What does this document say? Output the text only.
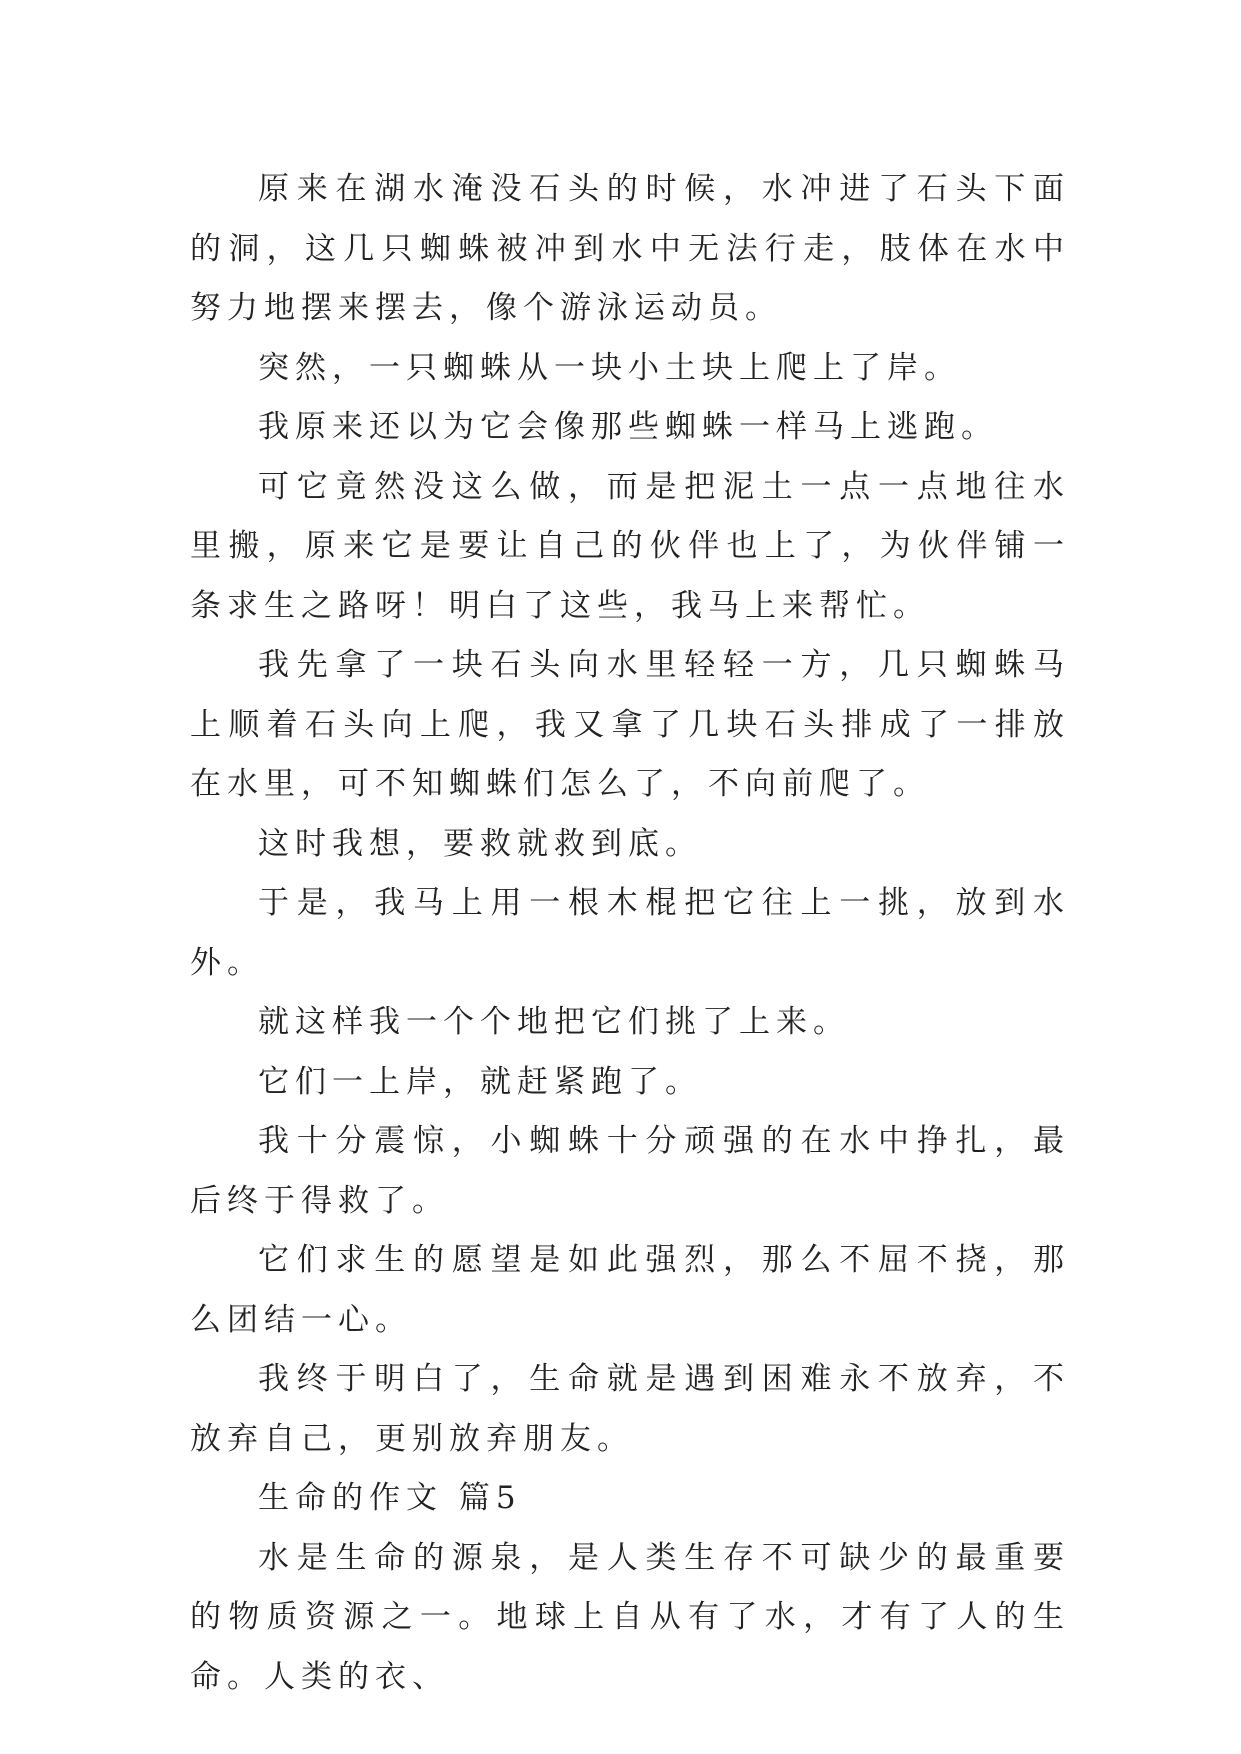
原来在湖水淹没石头的时候，水冲进了石头下面的洞，这几只蜘蛛被冲到水中无法行走，肢体在水中努力地摆来摆去，像个游泳运动员。

突然，一只蜘蛛从一块小土块上爬上了岸。

我原来还以为它会像那些蜘蛛一样马上逃跑。

可它竟然没这么做，而是把泥土一点一点地往水里搬，原来它是要让自己的伙伴也上了，为伙伴铺一条求生之路呀！明白了这些，我马上来帮忙。

我先拿了一块石头向水里轻轻一方，几只蜘蛛马上顺着石头向上爬，我又拿了几块石头排成了一排放在水里，可不知蜘蛛们怎么了，不向前爬了。

这时我想，要救就救到底。

于是，我马上用一根木棍把它往上一挑，放到水外。

就这样我一个个地把它们挑了上来。

它们一上岸，就赶紧跑了。

我十分震惊，小蜘蛛十分顽强的在水中挣扎，最后终于得救了。

它们求生的愿望是如此强烈，那么不屈不挠，那么团结一心。

我终于明白了，生命就是遇到困难永不放弃，不放弃自己，更别放弃朋友。

生命的作文 篇5

水是生命的源泉，是人类生存不可缺少的最重要的物质资源之一。地球上自从有了水，才有了人的生命。人类的衣、
